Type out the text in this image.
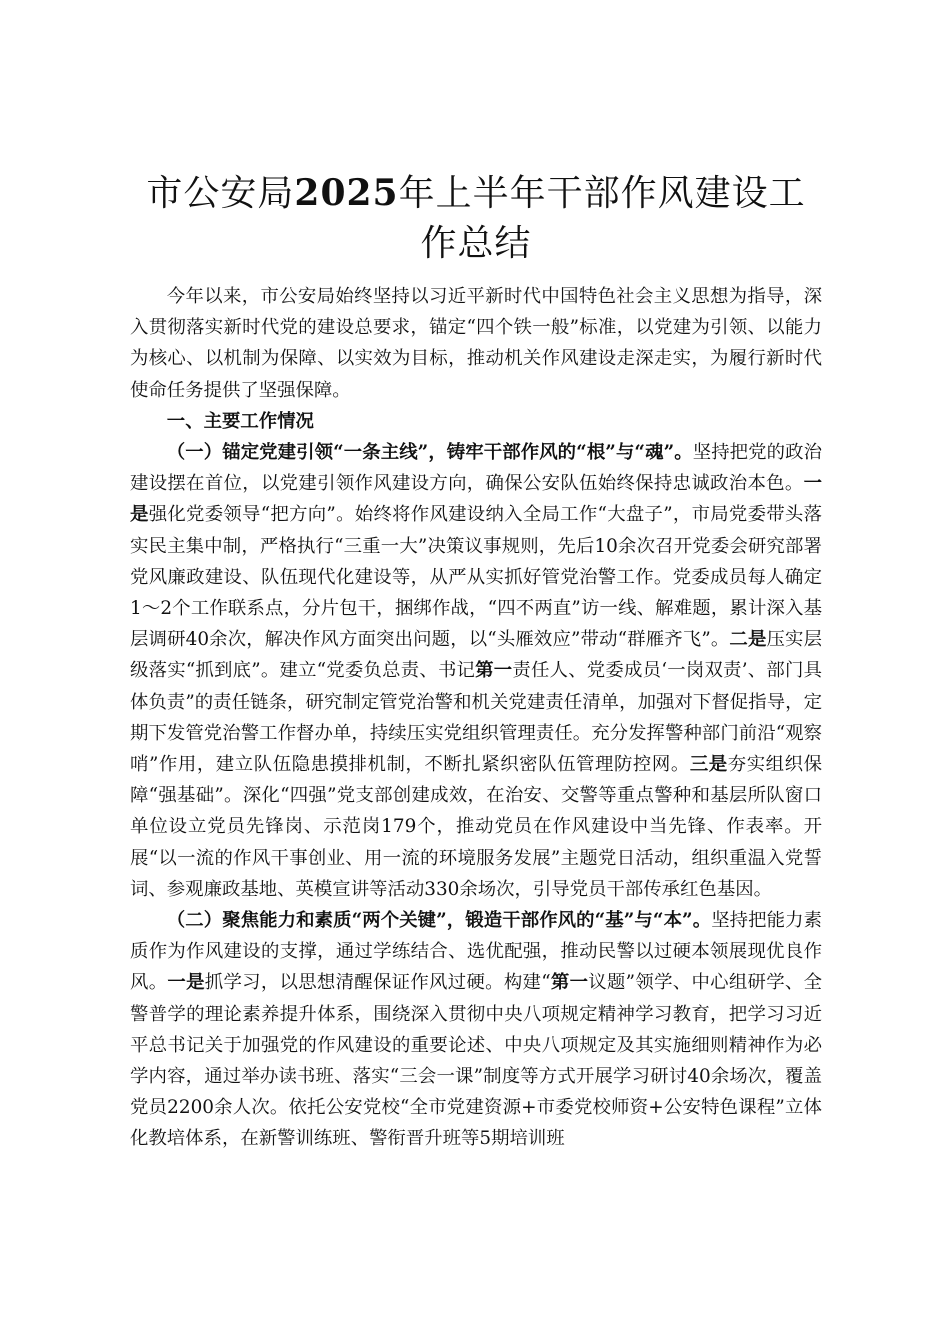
市公安局2025年上半年干部作风建设工作总结

今年以来，市公安局始终坚持以习近平新时代中国特色社会主义思想为指导，深入贯彻落实新时代党的建设总要求，锚定“四个铁一般”标准，以党建为引领、以能力为核心、以机制为保障、以实效为目标，推动机关作风建设走深走实，为履行新时代使命任务提供了坚强保障。

一、主要工作情况

（一）锚定党建引领“一条主线”，铸牢干部作风的“根”与“魂”。坚持把党的政治建设摆在首位，以党建引领作风建设方向，确保公安队伍始终保持忠诚政治本色。一是强化党委领导“把方向”。始终将作风建设纳入全局工作“大盘子”，市局党委带头落实民主集中制，严格执行“三重一大”决策议事规则，先后10余次召开党委会研究部署党风廉政建设、队伍现代化建设等，从严从实抓好管党治警工作。党委成员每人确定1～2个工作联系点，分片包干，捆绑作战，“四不两直”访一线、解难题，累计深入基层调研40余次，解决作风方面突出问题，以“头雁效应”带动“群雁齐飞”。二是压实层级落实“抓到底”。建立“党委负总责、书记第一责任人、党委成员‘一岗双责’、部门具体负责”的责任链条，研究制定管党治警和机关党建责任清单，加强对下督促指导，定期下发管党治警工作督办单，持续压实党组织管理责任。充分发挥警种部门前沿“观察哨”作用，建立队伍隐患摸排机制，不断扎紧织密队伍管理防控网。三是夯实组织保障“强基础”。深化“四强”党支部创建成效，在治安、交警等重点警种和基层所队窗口单位设立党员先锋岗、示范岗179个，推动党员在作风建设中当先锋、作表率。开展“以一流的作风干事创业、用一流的环境服务发展”主题党日活动，组织重温入党誓词、参观廉政基地、英模宣讲等活动330余场次，引导党员干部传承红色基因。

（二）聚焦能力和素质“两个关键”，锻造干部作风的“基”与“本”。坚持把能力素质作为作风建设的支撑，通过学练结合、选优配强，推动民警以过硬本领展现优良作风。一是抓学习，以思想清醒保证作风过硬。构建“第一议题”领学、中心组研学、全警普学的理论素养提升体系，围绕深入贯彻中央八项规定精神学习教育，把学习习近平总书记关于加强党的作风建设的重要论述、中央八项规定及其实施细则精神作为必学内容，通过举办读书班、落实“三会一课”制度等方式开展学习研讨40余场次，覆盖党员2200余人次。依托公安党校“全市党建资源+市委党校师资+公安特色课程”立体化教培体系，在新警训练班、警衔晋升班等5期培训班
